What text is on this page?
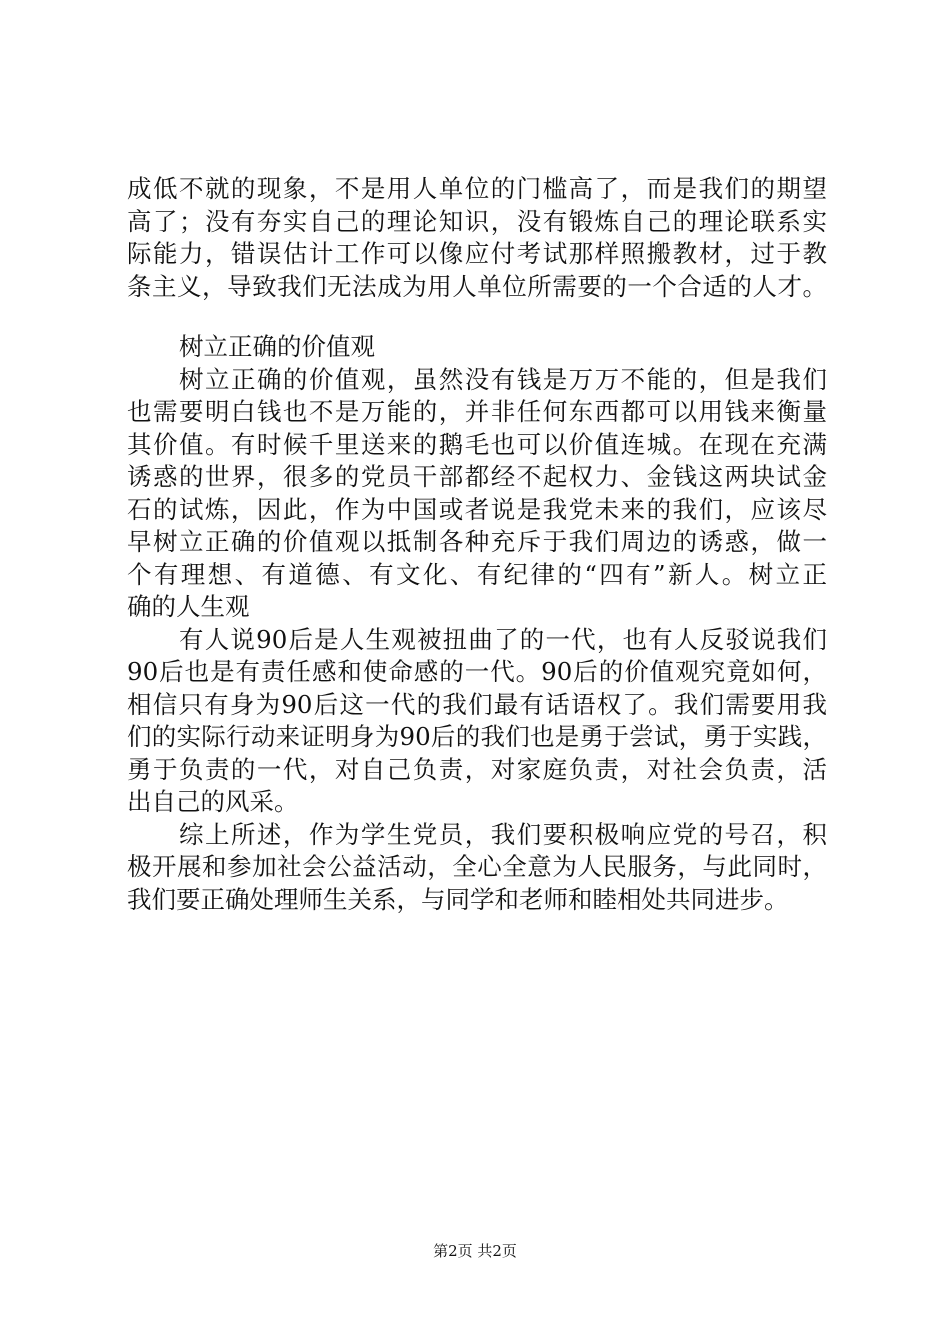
成低不就的现象，不是用人单位的门槛高了，而是我们的期望
高了；没有夯实自己的理论知识，没有锻炼自己的理论联系实
际能力，错误估计工作可以像应付考试那样照搬教材，过于教
条主义，导致我们无法成为用人单位所需要的一个合适的人才。
树立正确的价值观
树立正确的价值观，虽然没有钱是万万不能的，但是我们
也需要明白钱也不是万能的，并非任何东西都可以用钱来衡量
其价值。有时候千里送来的鹅毛也可以价值连城。在现在充满
诱惑的世界，很多的党员干部都经不起权力、金钱这两块试金
石的试炼，因此，作为中国或者说是我党未来的我们，应该尽
早树立正确的价值观以抵制各种充斥于我们周边的诱惑，做一
个有理想、有道德、有文化、有纪律的“四有”新人。树立正
确的人生观
有人说90后是人生观被扭曲了的一代，也有人反驳说我们
90后也是有责任感和使命感的一代。90后的价值观究竟如何，
相信只有身为90后这一代的我们最有话语权了。我们需要用我
们的实际行动来证明身为90后的我们也是勇于尝试，勇于实践，
勇于负责的一代，对自己负责，对家庭负责，对社会负责，活
出自己的风采。
综上所述，作为学生党员，我们要积极响应党的号召，积
极开展和参加社会公益活动，全心全意为人民服务，与此同时，
我们要正确处理师生关系，与同学和老师和睦相处共同进步。
第2页 共2页
